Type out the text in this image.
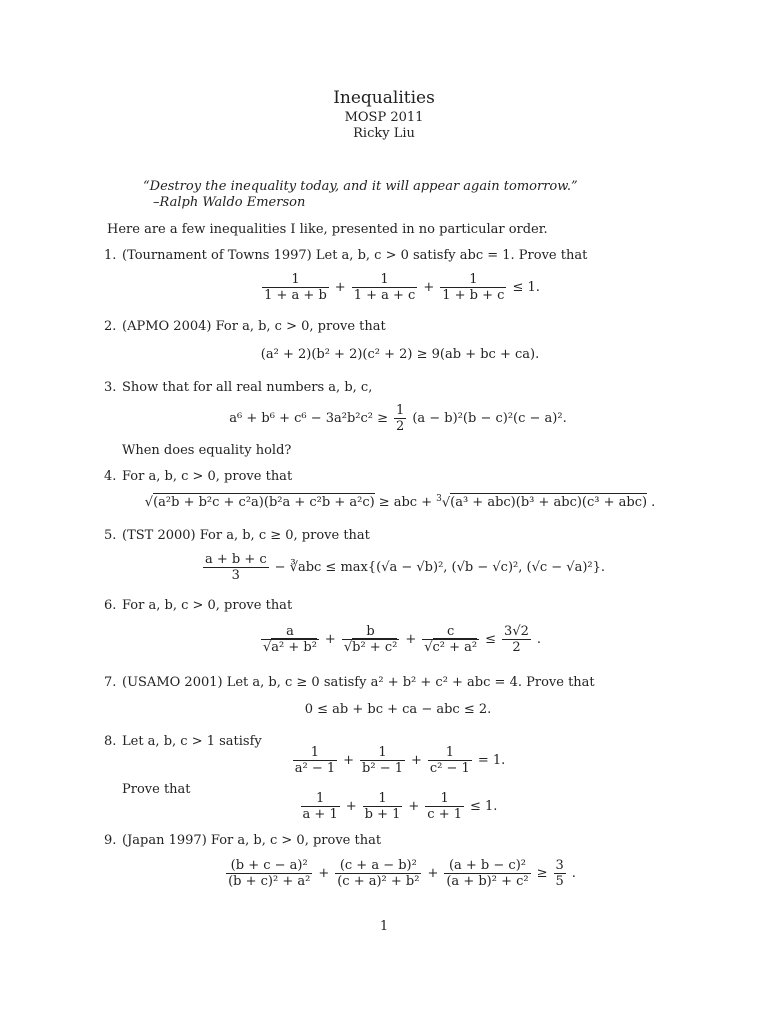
Inequalities
MOSP 2011
Ricky Liu
“Destroy the inequality today, and it will appear again tomorrow.”
–Ralph Waldo Emerson
Here are a few inequalities I like, presented in no particular order.
1. (Tournament of Towns 1997) Let a, b, c > 0 satisfy abc = 1. Prove that
$\frac{1}{1 + a + b} + \frac{1}{1 + a + c} + \frac{1}{1 + b + c} \le 1$.
2. (APMO 2004) For a, b, c > 0, prove that
(a² + 2)(b² + 2)(c² + 2) ≥ 9(ab + bc + ca).
3. Show that for all real numbers a, b, c,
$a^6 + b^6 + c^6 - 3a^2b^2c^2 \ge \frac{1}{2} (a - b)^2(b - c)^2(c - a)^2$.
When does equality hold?
4. For a, b, c > 0, prove that
√(a²b + b²c + c²a)(b²a + c²b + a²c) ≥ abc + $^3$√(a³ + abc)(b³ + abc)(c³ + abc) .
5. (TST 2000) For a, b, c ≥ 0, prove that
$\frac{a + b + c}{3}$ − ∛abc ≤ max{(√a − √b)², (√b − √c)², (√c − √a)²}.
6. For a, b, c > 0, prove that
$\frac{a}{\text{√a² + b²}} + \frac{b}{\text{√b² + c²}} + \frac{c}{\text{√c² + a²}} \le \frac{3√2}{2}$ .
7. (USAMO 2001) Let a, b, c ≥ 0 satisfy a² + b² + c² + abc = 4. Prove that
0 ≤ ab + bc + ca − abc ≤ 2.
8. Let a, b, c > 1 satisfy
$\frac{1}{\text{a² − 1}} + \frac{1}{\text{b² − 1}} + \frac{1}{\text{c² − 1}} = 1$.
Prove that
$\frac{1}{a + 1} + \frac{1}{b + 1} + \frac{1}{c + 1} \le 1$.
9. (Japan 1997) For a, b, c > 0, prove that
$\frac{\text{(b + c − a)²}}{\text{(b + c)² + a²}} + \frac{\text{(c + a − b)²}}{\text{(c + a)² + b²}} + \frac{\text{(a + b − c)²}}{\text{(a + b)² + c²}} \ge \frac{3}{5}$ .
1
